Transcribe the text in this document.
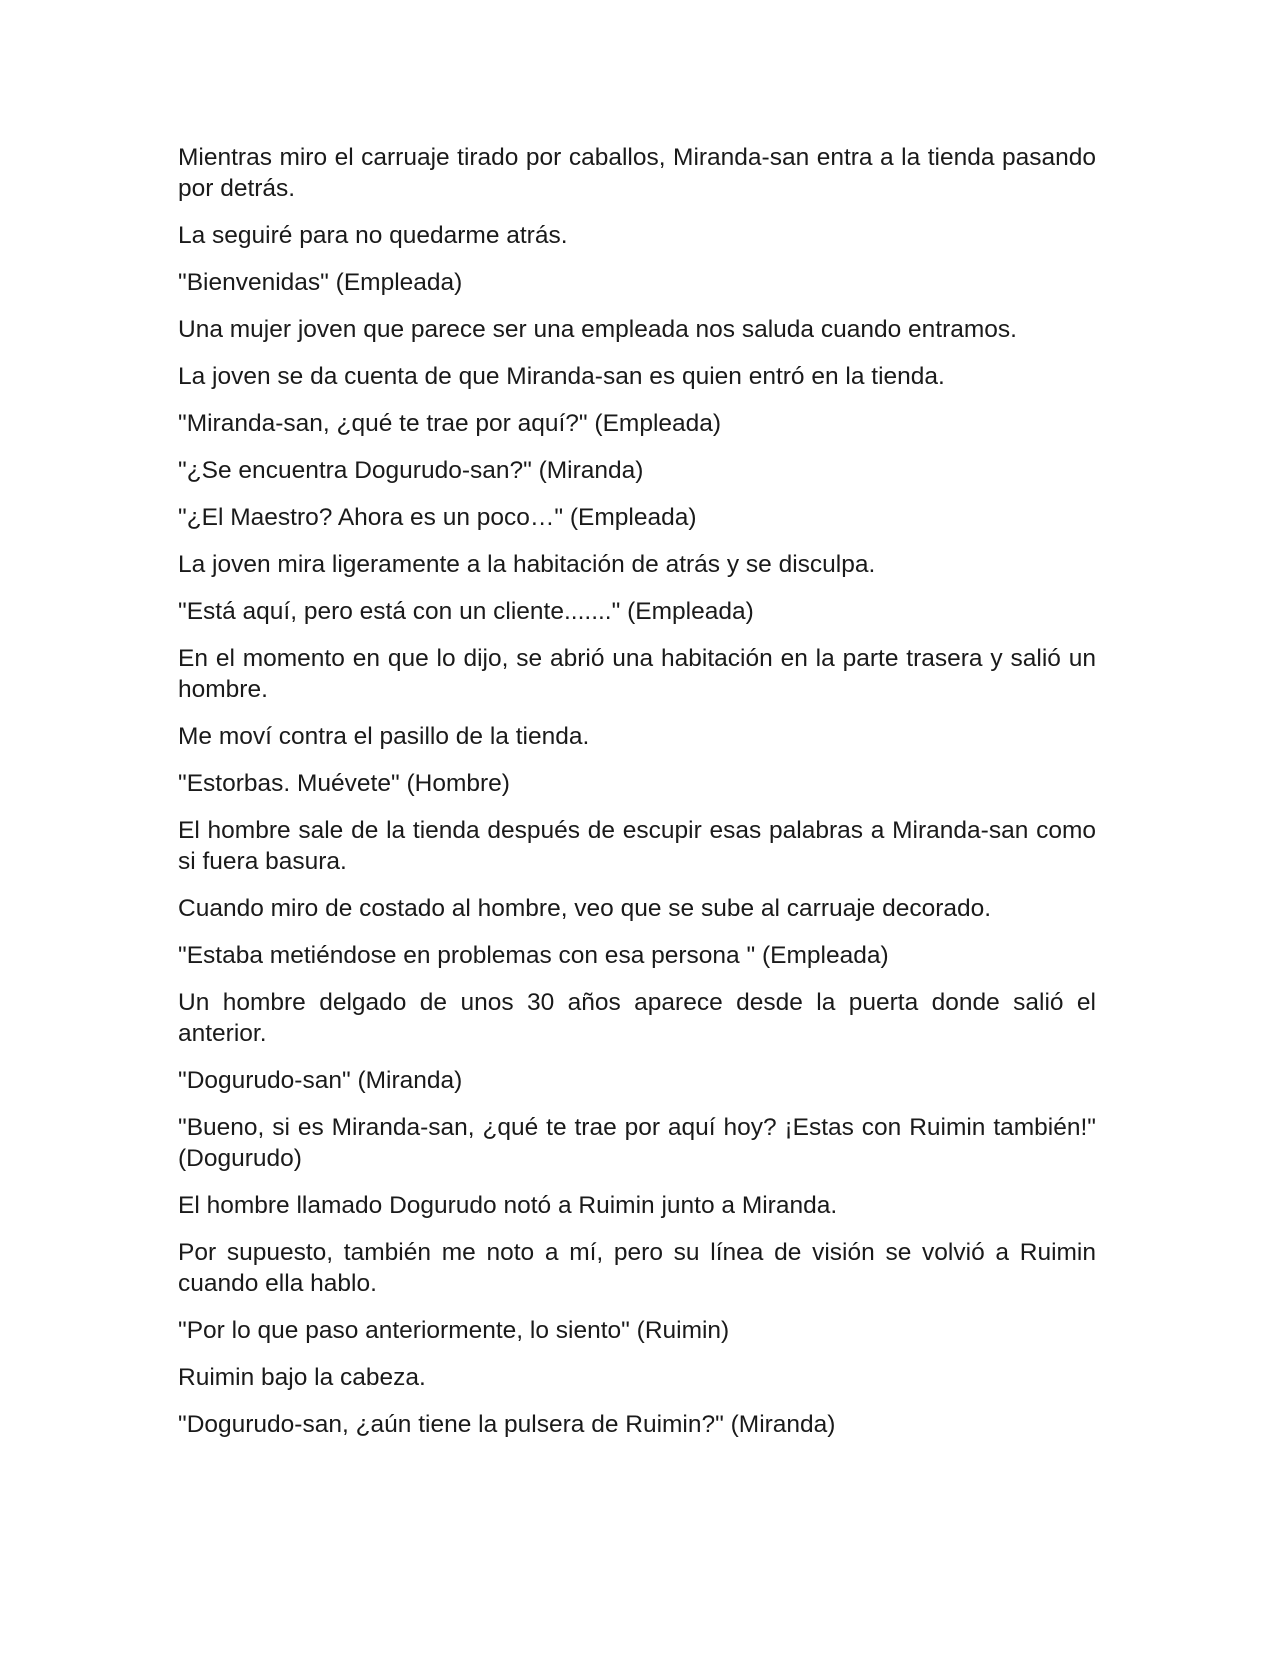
Mientras miro el carruaje tirado por caballos, Miranda-san entra a la tienda pasando por detrás.

La seguiré para no quedarme atrás.

"Bienvenidas" (Empleada)

Una mujer joven que parece ser una empleada nos saluda cuando entramos.

La joven se da cuenta de que Miranda-san es quien entró en la tienda.

"Miranda-san, ¿qué te trae por aquí?" (Empleada)

"¿Se encuentra Dogurudo-san?" (Miranda)

"¿El Maestro? Ahora es un poco…" (Empleada)

La joven mira ligeramente a la habitación de atrás y se disculpa.

"Está aquí, pero está con un cliente......." (Empleada)

En el momento en que lo dijo, se abrió una habitación en la parte trasera y salió un hombre.

Me moví contra el pasillo de la tienda.

"Estorbas. Muévete" (Hombre)

El hombre sale de la tienda después de escupir esas palabras a Miranda-san como si fuera basura.

Cuando miro de costado al hombre, veo que se sube al carruaje decorado.

"Estaba metiéndose en problemas con esa persona " (Empleada)

Un hombre delgado de unos 30 años aparece desde la puerta donde salió el anterior.

"Dogurudo-san" (Miranda)

"Bueno, si es Miranda-san, ¿qué te trae por aquí hoy? ¡Estas con Ruimin también!" (Dogurudo)

El hombre llamado Dogurudo notó a Ruimin junto a Miranda.

Por supuesto, también me noto a mí, pero su línea de visión se volvió a Ruimin cuando ella hablo.

"Por lo que paso anteriormente, lo siento" (Ruimin)

Ruimin bajo la cabeza.

"Dogurudo-san, ¿aún tiene la pulsera de Ruimin?" (Miranda)
